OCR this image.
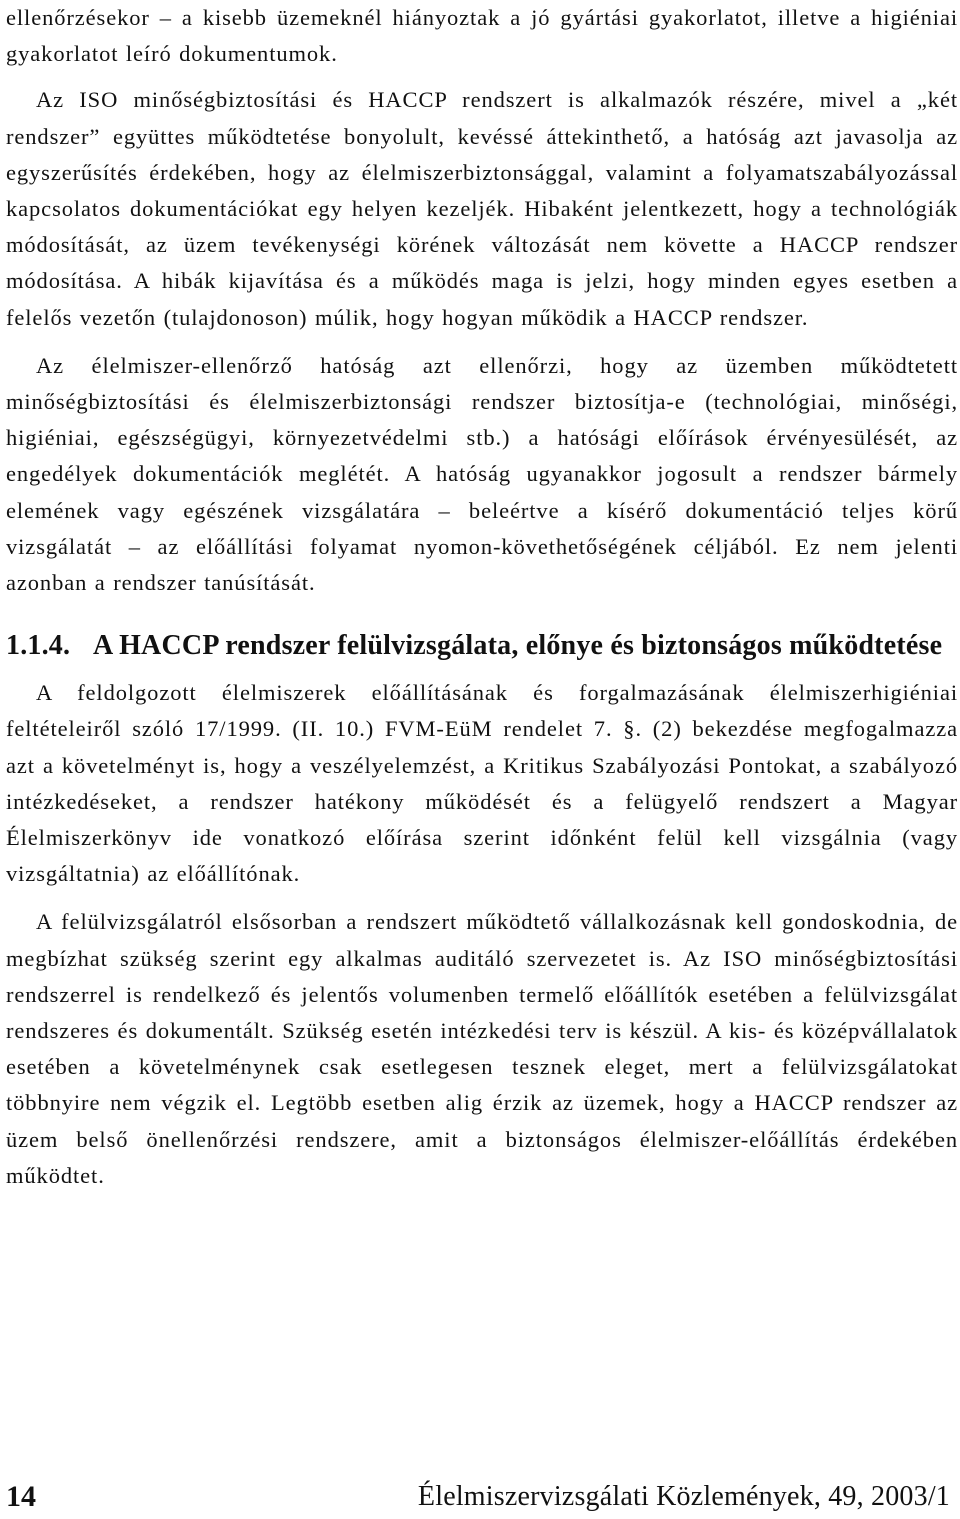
ellenőrzésekor – a kisebb üzemeknél hiányoztak a jó gyártási gyakorlatot, illetve a higiéniai gyakorlatot leíró dokumentumok.

Az ISO minőségbiztosítási és HACCP rendszert is alkalmazók részére, mivel a „két rendszer” együttes működtetése bonyolult, kevéssé áttekinthető, a hatóság azt javasolja az egyszerűsítés érdekében, hogy az élelmiszerbiztonsággal, valamint a folyamatszabályozással kapcsolatos dokumentációkat egy helyen kezeljék. Hibaként jelentkezett, hogy a technológiák módosítását, az üzem tevékenységi körének változását nem követte a HACCP rendszer módosítása. A hibák kijavítása és a működés maga is jelzi, hogy minden egyes esetben a felelős vezetőn (tulajdonoson) múlik, hogy hogyan működik a HACCP rendszer.

Az élelmiszer-ellenőrző hatóság azt ellenőrzi, hogy az üzemben működtetett minőségbiztosítási és élelmiszerbiztonsági rendszer biztosítja-e (technológiai, minőségi, higiéniai, egészségügyi, környezetvédelmi stb.) a hatósági előírások érvényesülését, az engedélyek dokumentációk meglétét. A hatóság ugyanakkor jogosult a rendszer bármely elemének vagy egészének vizsgálatára – beleértve a kísérő dokumentáció teljes körű vizsgálatát – az előállítási folyamat nyomon-követhetőségének céljából. Ez nem jelenti azonban a rendszer tanúsítását.

1.1.4. A HACCP rendszer felülvizsgálata, előnye és biztonságos működtetése

A feldolgozott élelmiszerek előállításának és forgalmazásának élelmiszerhigiéniai feltételeiről szóló 17/1999. (II. 10.) FVM-EüM rendelet 7. §. (2) bekezdése megfogalmazza azt a követelményt is, hogy a veszélyelemzést, a Kritikus Szabályozási Pontokat, a szabályozó intézkedéseket, a rendszer hatékony működését és a felügyelő rendszert a Magyar Élelmiszerkönyv ide vonatkozó előírása szerint időnként felül kell vizsgálnia (vagy vizsgáltatnia) az előállítónak.

A felülvizsgálatról elsősorban a rendszert működtető vállalkozásnak kell gondoskodnia, de megbízhat szükség szerint egy alkalmas auditáló szervezetet is. Az ISO minőségbiztosítási rendszerrel is rendelkező és jelentős volumenben termelő előállítók esetében a felülvizsgálat rendszeres és dokumentált. Szükség esetén intézkedési terv is készül. A kis- és középvállalatok esetében a követelménynek csak esetlegesen tesznek eleget, mert a felülvizsgálatokat többnyire nem végzik el. Legtöbb esetben alig érzik az üzemek, hogy a HACCP rendszer az üzem belső önellenőrzési rendszere, amit a biztonságos élelmiszer-előállítás érdekében működtet.

14	Élelmiszervizsgálati Közlemények, 49, 2003/1
